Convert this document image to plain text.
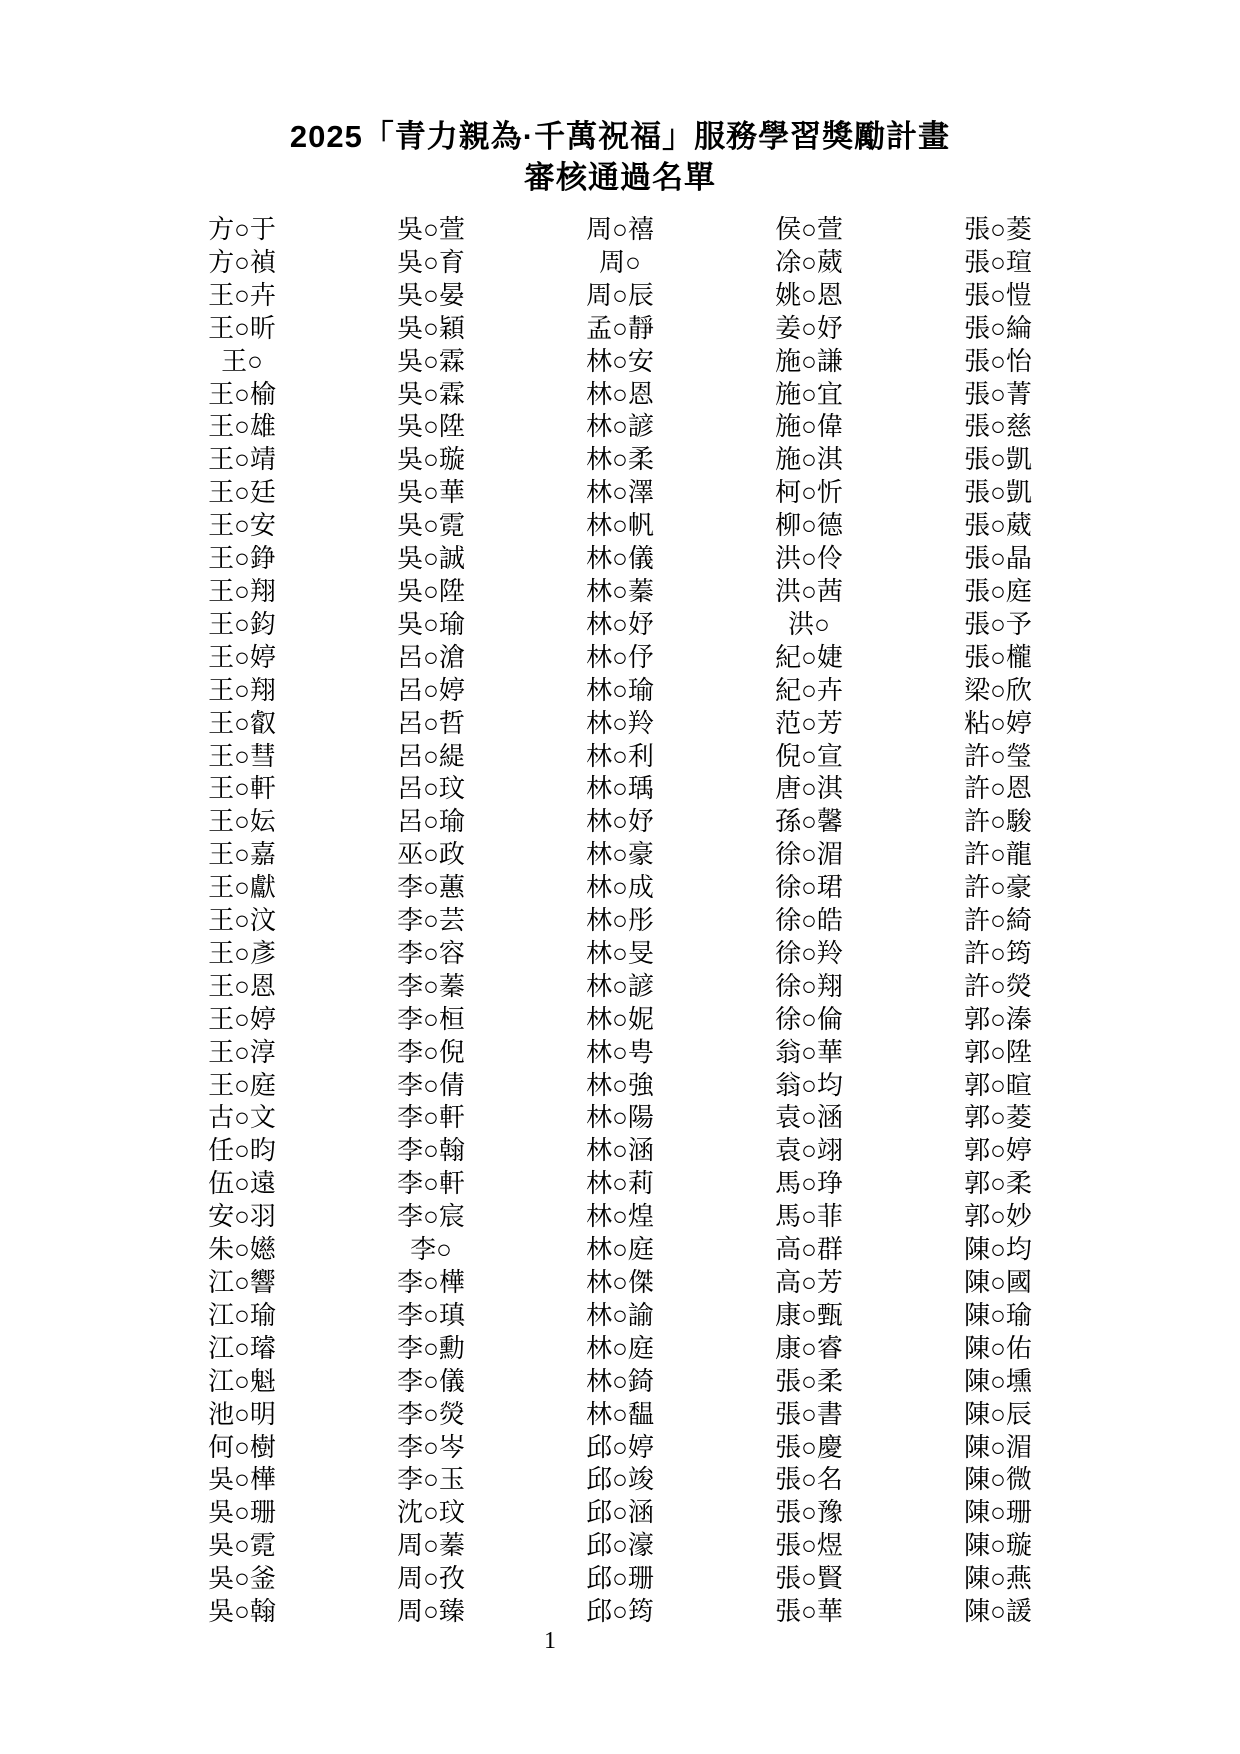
2025「青力親為·千萬祝福」服務學習獎勵計畫
審核通過名單
方○于
方○禎
王○卉
王○昕
王○
王○榆
王○雄
王○靖
王○廷
王○安
王○錚
王○翔
王○鈞
王○婷
王○翔
王○叡
王○彗
王○軒
王○妘
王○嘉
王○獻
王○汶
王○彥
王○恩
王○婷
王○淳
王○庭
古○文
任○昀
伍○遠
安○羽
朱○嬨
江○響
江○瑜
江○璿
江○魁
池○明
何○樹
吳○樺
吳○珊
吳○霓
吳○釜
吳○翰
吳○萱
吳○育
吳○晏
吳○穎
吳○霖
吳○霖
吳○陞
吳○璇
吳○華
吳○霓
吳○誠
吳○陞
吳○瑜
呂○滄
呂○婷
呂○哲
呂○緹
呂○玟
呂○瑜
巫○政
李○蕙
李○芸
李○容
李○蓁
李○桓
李○倪
李○倩
李○軒
李○翰
李○軒
李○宸
李○
李○樺
李○瑱
李○勳
李○儀
李○熒
李○岑
李○玉
沈○玟
周○蓁
周○孜
周○臻
周○禧
周○
周○辰
孟○靜
林○安
林○恩
林○諺
林○柔
林○澤
林○帆
林○儀
林○蓁
林○妤
林○伃
林○瑜
林○羚
林○利
林○瑀
林○妤
林○豪
林○成
林○彤
林○旻
林○諺
林○妮
林○甹
林○強
林○陽
林○涵
林○莉
林○煌
林○庭
林○傑
林○諭
林○庭
林○錡
林○馧
邱○婷
邱○竣
邱○涵
邱○濠
邱○珊
邱○筠
侯○萱
凃○葳
姚○恩
姜○妤
施○謙
施○宜
施○偉
施○淇
柯○忻
柳○德
洪○伶
洪○茜
洪○
紀○婕
紀○卉
范○芳
倪○宣
唐○淇
孫○馨
徐○湄
徐○珺
徐○皓
徐○羚
徐○翔
徐○倫
翁○華
翁○均
袁○涵
袁○翊
馬○琤
馬○菲
高○群
高○芳
康○甄
康○睿
張○柔
張○書
張○慶
張○名
張○豫
張○煜
張○賢
張○華
張○菱
張○瑄
張○愷
張○綸
張○怡
張○菁
張○慈
張○凱
張○凱
張○葳
張○晶
張○庭
張○予
張○櫳
梁○欣
粘○婷
許○瑩
許○恩
許○駿
許○龍
許○豪
許○綺
許○筠
許○熒
郭○溱
郭○陞
郭○暄
郭○菱
郭○婷
郭○柔
郭○妙
陳○均
陳○國
陳○瑜
陳○佑
陳○壎
陳○辰
陳○湄
陳○微
陳○珊
陳○璇
陳○燕
陳○諼
1
